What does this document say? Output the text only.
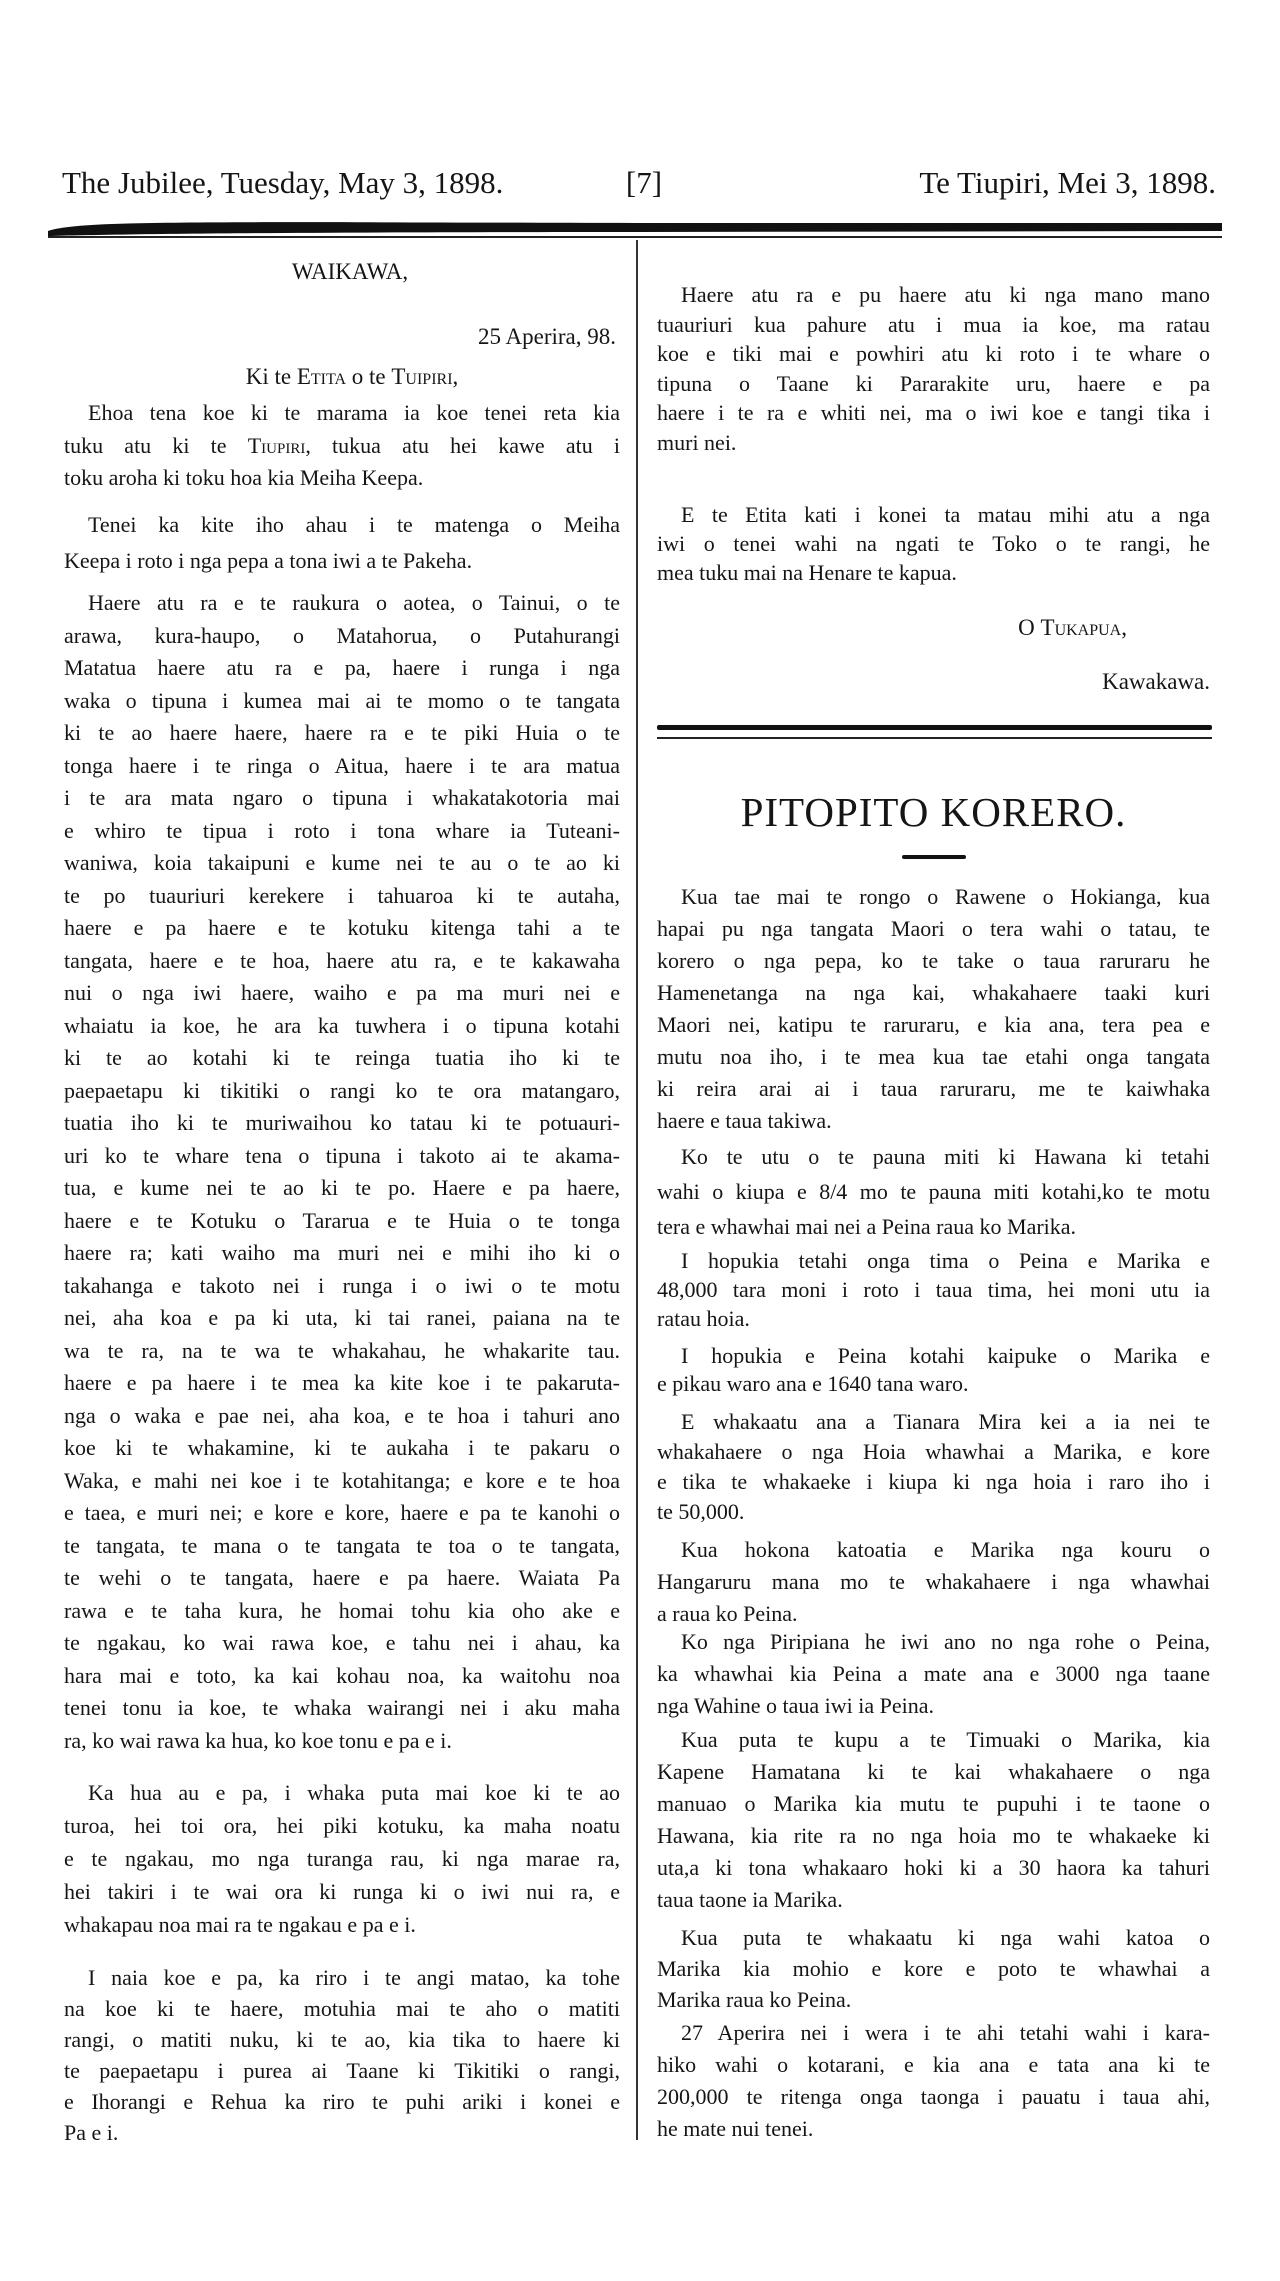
The Jubilee, Tuesday, May 3, 1898.	[7]	Te Tiupiri, Mei 3, 1898.
WAIKAWA,
25 Aperira, 98.
Ki te Etita o te Tuipiri,
Ehoa tena koe ki te marama ia koe tenei reta kia
tuku atu ki te Tiupiri, tukua atu hei kawe atu i
toku aroha ki toku hoa kia Meiha Keepa.
Tenei ka kite iho ahau i te matenga o Meiha
Keepa i roto i nga pepa a tona iwi a te Pakeha.
Haere atu ra e te raukura o aotea, o Tainui, o te
arawa, kura-haupo, o Matahorua, o Putahurangi
Matatua haere atu ra e pa, haere i runga i nga
waka o tipuna i kumea mai ai te momo o te tangata
ki te ao haere haere, haere ra e te piki Huia o te
tonga haere i te ringa o Aitua, haere i te ara matua
i te ara mata ngaro o tipuna i whakatakotoria mai
e whiro te tipua i roto i tona whare ia Tuteani-
waniwa, koia takaipuni e kume nei te au o te ao ki
te po tuauriuri kerekere i tahuaroa ki te autaha,
haere e pa haere e te kotuku kitenga tahi a te
tangata, haere e te hoa, haere atu ra, e te kakawaha
nui o nga iwi haere, waiho e pa ma muri nei e
whaiatu ia koe, he ara ka tuwhera i o tipuna kotahi
ki te ao kotahi ki te reinga tuatia iho ki te
paepaetapu ki tikitiki o rangi ko te ora matangaro,
tuatia iho ki te muriwaihou ko tatau ki te potuauri-
uri ko te whare tena o tipuna i takoto ai te akama-
tua, e kume nei te ao ki te po. Haere e pa haere,
haere e te Kotuku o Tararua e te Huia o te tonga
haere ra; kati waiho ma muri nei e mihi iho ki o
takahanga e takoto nei i runga i o iwi o te motu
nei, aha koa e pa ki uta, ki tai ranei, paiana na te
wa te ra, na te wa te whakahau, he whakarite tau.
haere e pa haere i te mea ka kite koe i te pakaruta-
nga o waka e pae nei, aha koa, e te hoa i tahuri ano
koe ki te whakamine, ki te aukaha i te pakaru o
Waka, e mahi nei koe i te kotahitanga; e kore e te hoa
e taea, e muri nei; e kore e kore, haere e pa te kanohi o
te tangata, te mana o te tangata te toa o te tangata,
te wehi o te tangata, haere e pa haere. Waiata Pa
rawa e te taha kura, he homai tohu kia oho ake e
te ngakau, ko wai rawa koe, e tahu nei i ahau, ka
hara mai e toto, ka kai kohau noa, ka waitohu noa
tenei tonu ia koe, te whaka wairangi nei i aku maha
ra, ko wai rawa ka hua, ko koe tonu e pa e i.
Ka hua au e pa, i whaka puta mai koe ki te ao
turoa, hei toi ora, hei piki kotuku, ka maha noatu
e te ngakau, mo nga turanga rau, ki nga marae ra,
hei takiri i te wai ora ki runga ki o iwi nui ra, e
whakapau noa mai ra te ngakau e pa e i.
I naia koe e pa, ka riro i te angi matao, ka tohe
na koe ki te haere, motuhia mai te aho o matiti
rangi, o matiti nuku, ki te ao, kia tika to haere ki
te paepaetapu i purea ai Taane ki Tikitiki o rangi,
e Ihorangi e Rehua ka riro te puhi ariki i konei e
Pa e i.
Haere atu ra e pu haere atu ki nga mano mano
tuauriuri kua pahure atu i mua ia koe, ma ratau
koe e tiki mai e powhiri atu ki roto i te whare o
tipuna o Taane ki Pararakite uru, haere e pa
haere i te ra e whiti nei, ma o iwi koe e tangi tika i
muri nei.
E te Etita kati i konei ta matau mihi atu a nga
iwi o tenei wahi na ngati te Toko o te rangi, he
mea tuku mai na Henare te kapua.
O Tukapua,
Kawakawa.
PITOPITO KORERO.
Kua tae mai te rongo o Rawene o Hokianga, kua
hapai pu nga tangata Maori o tera wahi o tatau, te
korero o nga pepa, ko te take o taua raruraru he
Hamenetanga na nga kai, whakahaere taaki kuri
Maori nei, katipu te raruraru, e kia ana, tera pea e
mutu noa iho, i te mea kua tae etahi onga tangata
ki reira arai ai i taua raruraru, me te kaiwhaka
haere e taua takiwa.
Ko te utu o te pauna miti ki Hawana ki tetahi
wahi o kiupa e 8/4 mo te pauna miti kotahi,ko te motu
tera e whawhai mai nei a Peina raua ko Marika.
I hopukia tetahi onga tima o Peina e Marika e
48,000 tara moni i roto i taua tima, hei moni utu ia
ratau hoia.
I hopukia e Peina kotahi kaipuke o Marika e
e pikau waro ana e 1640 tana waro.
E whakaatu ana a Tianara Mira kei a ia nei te
whakahaere o nga Hoia whawhai a Marika, e kore
e tika te whakaeke i kiupa ki nga hoia i raro iho i
te 50,000.
Kua hokona katoatia e Marika nga kouru o
Hangaruru mana mo te whakahaere i nga whawhai
a raua ko Peina.
Ko nga Piripiana he iwi ano no nga rohe o Peina,
ka whawhai kia Peina a mate ana e 3000 nga taane
nga Wahine o taua iwi ia Peina.
Kua puta te kupu a te Timuaki o Marika, kia
Kapene Hamatana ki te kai whakahaere o nga
manuao o Marika kia mutu te pupuhi i te taone o
Hawana, kia rite ra no nga hoia mo te whakaeke ki
uta,a ki tona whakaaro hoki ki a 30 haora ka tahuri
taua taone ia Marika.
Kua puta te whakaatu ki nga wahi katoa o
Marika kia mohio e kore e poto te whawhai a
Marika raua ko Peina.
27 Aperira nei i wera i te ahi tetahi wahi i kara-
hiko wahi o kotarani, e kia ana e tata ana ki te
200,000 te ritenga onga taonga i pauatu i taua ahi,
he mate nui tenei.
